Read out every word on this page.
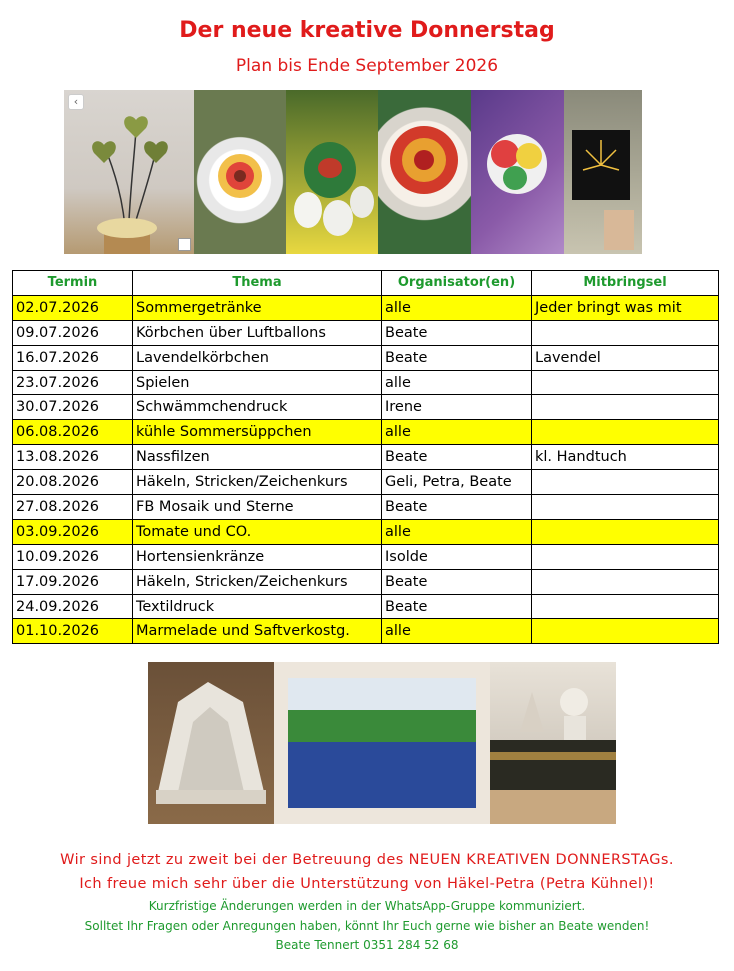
Der neue kreative Donnerstag
Plan bis Ende September 2026
‹
Termin	Thema	Organisator(en)	Mitbringsel
02.07.2026	Sommergetränke	alle	Jeder bringt was mit
09.07.2026	Körbchen über Luftballons	Beate	
16.07.2026	Lavendelkörbchen	Beate	Lavendel
23.07.2026	Spielen	alle	
30.07.2026	Schwämmchendruck	Irene	
06.08.2026	kühle Sommersüppchen	alle	
13.08.2026	Nassfilzen	Beate	kl. Handtuch
20.08.2026	Häkeln, Stricken/Zeichenkurs	Geli, Petra, Beate	
27.08.2026	FB Mosaik und Sterne	Beate	
03.09.2026	Tomate und CO.	alle	
10.09.2026	Hortensienkränze	Isolde	
17.09.2026	Häkeln, Stricken/Zeichenkurs	Beate	
24.09.2026	Textildruck	Beate	
01.10.2026	Marmelade und Saftverkostg.	alle	
Wir sind jetzt zu zweit bei der Betreuung des NEUEN KREATIVEN DONNERSTAGs.
Ich freue mich sehr über die Unterstützung von Häkel-Petra (Petra Kühnel)!
Kurzfristige Änderungen werden in der WhatsApp-Gruppe kommuniziert.
Solltet Ihr Fragen oder Anregungen haben, könnt Ihr Euch gerne wie bisher an Beate wenden!
Beate Tennert 0351 284 52 68
